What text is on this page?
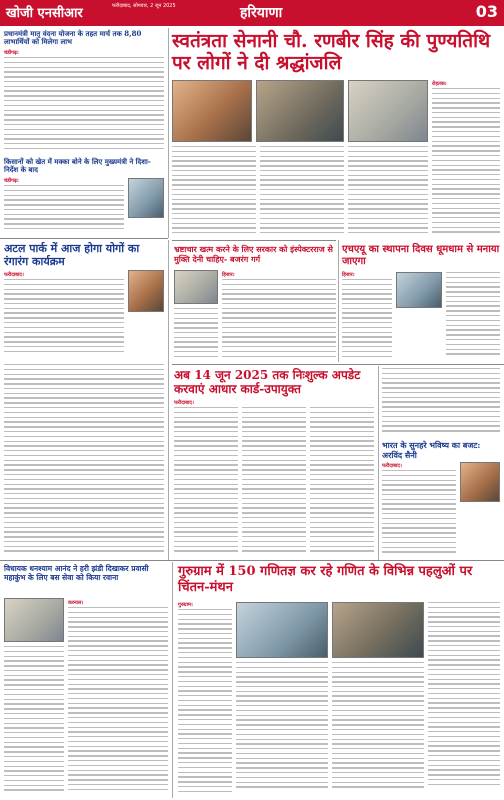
खोजी एनसीआर	फरीदाबाद, सोमवार, 2 जून 2025	हरियाणा	03
प्रधानमंत्री मातृ वंदना योजना के तहत मार्च तक 8,80 लाभार्थियों को मिलेगा लाभ
चंडीगढ़।
स्वतंत्रता सेनानी चौ. रणबीर सिंह की पुण्यतिथि पर लोगों ने दी श्रद्धांजलि
रोहतक।
किसानों को खेत में मक्का बोने के लिए मुख्यमंत्री ने दिशा-निर्देश के बाद
चंडीगढ़।
अटल पार्क में आज होगा योगों का रंगारंग कार्यक्रम
फरीदाबाद।
भ्रष्टाचार खत्म करने के लिए सरकार को इंस्पेक्टरराज से मुक्ति देनी चाहिए- बजरंग गर्ग
हिसार।
एचएयू का स्थापना दिवस धूमधाम से मनाया जाएगा
हिसार।
अब 14 जून 2025 तक निःशुल्क अपडेट करवाएं आधार कार्ड-उपायुक्त
फरीदाबाद।
भारत के सुनहरे भविष्य का बजट: अरविंद सैनी
फरीदाबाद।
विधायक धनश्याम आनंद ने हरी झंडी दिखाकर प्रवासी महाकुंभ के लिए बस सेवा को किया रवाना
करनाल।
गुरुग्राम में 150 गणितज्ञ कर रहे गणित के विभिन्न पहलुओं पर चिंतन-मंथन
गुरुग्राम।
